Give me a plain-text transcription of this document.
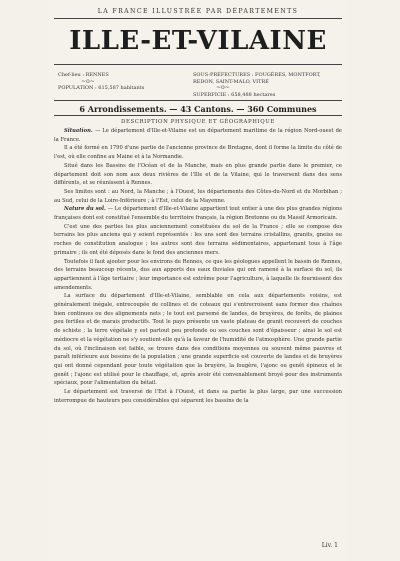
LA FRANCE ILLUSTRÉE PAR DÉPARTEMENTS
ILLE-ET-VILAINE
Chef-lieu : RENNES
~o~
POPULATION : 615,587 habitants
SOUS-PRÉFECTURES : FOUGÈRES, MONTFORT, REDON, SAINT-MALO, VITRÉ
~o~
SUPERFICIE : 658,488 hectares
6 Arrondissements. — 43 Cantons. — 360 Communes
DESCRIPTION PHYSIQUE ET GÉOGRAPHIQUE

Situation. — Le département d'Ille-et-Vilaine est un département maritime de la région Nord-ouest de la France.

Il a été formé en 1790 d'une partie de l'ancienne province de Bretagne, dont il forme la limite du côté de l'est, où elle confine au Maine et à la Normandie.

Situé dans les Bassins de l'Océan et de la Manche, mais en plus grande partie dans le premier, ce département doit son nom aux deux rivières de l'Ille et de la Vilaine, qui le traversent dans des sens différents, et se réunissent à Rennes.

Ses limites sont : au Nord, la Manche ; à l'Ouest, les départements des Côtes-du-Nord et du Morbihan ; au Sud, celui de la Loire-Inférieure ; à l'Est, celui de la Mayenne.

Nature du sol. — Le département d'Ille-et-Vilaine appartient tout entier à une des plus grandes régions françaises dont est constitué l'ensemble du territoire français, la région Bretonne ou du Massif Armoricain.

C'est une des parties les plus anciennement constituées du sol de la France ; elle se compose des terrains les plus anciens qui y soient représentés : les uns sont des terrains cristallins, granits, gneiss ou roches de constitution analogue ; les autres sont des terrains sédimentaires, appartenant tous à l'âge primaire ; ils ont été déposés dans le fond des anciennes mers.

Toutefois il faut ajouter pour les environs de Rennes, ce que les géologues appellent le bassin de Rennes, des terrains beaucoup récents, dus aux apports des eaux fluviales qui ont ramené à la surface du sol, ils appartiennent à l'âge tertiaire ; leur importance est extrême pour l'agriculture, à laquelle ils fournissent des amendements.

La surface du département d'Ille-et-Vilaine, semblable en cela aux départements voisins, est généralement inégale, entrecoupée de collines et de coteaux qui s'entrecroisent sans former des chaînes bien continues ou des alignements nets ; le tout est parsemé de landes, de bruyères, de forêts, de plaines peu fertiles et de marais productifs. Tout le pays présente un vaste plateau de granit recouvert de couches de schiste ; la terre végétale y est partout peu profonde ou ses couches sont d'épaisseur ; ainsi le sol est médiocre et la végétation ne s'y soutient-elle qu'à la faveur de l'humidité de l'atmosphère. Une grande partie du sol, où l'inclinaison est faible, se trouve dans des conditions moyennes ou souvent même pauvres et paraît inférieure aux besoins de la population ; une grande superficie est couverte de landes et de bruyères qui ont donné cependant pour toute végétation que la bruyère, la fougère, l'ajonc ou genêt épineux et le genêt ; l'ajonc est utilisé pour le chauffage, et, après avoir été convenablement broyé pour des instruments spéciaux, pour l'alimentation du bétail.

Le département est traversé de l'Est à l'Ouest, et dans sa partie la plus large, par une succession interrompue de hauteurs peu considérables qui séparent les bassins de la

Liv. 1
